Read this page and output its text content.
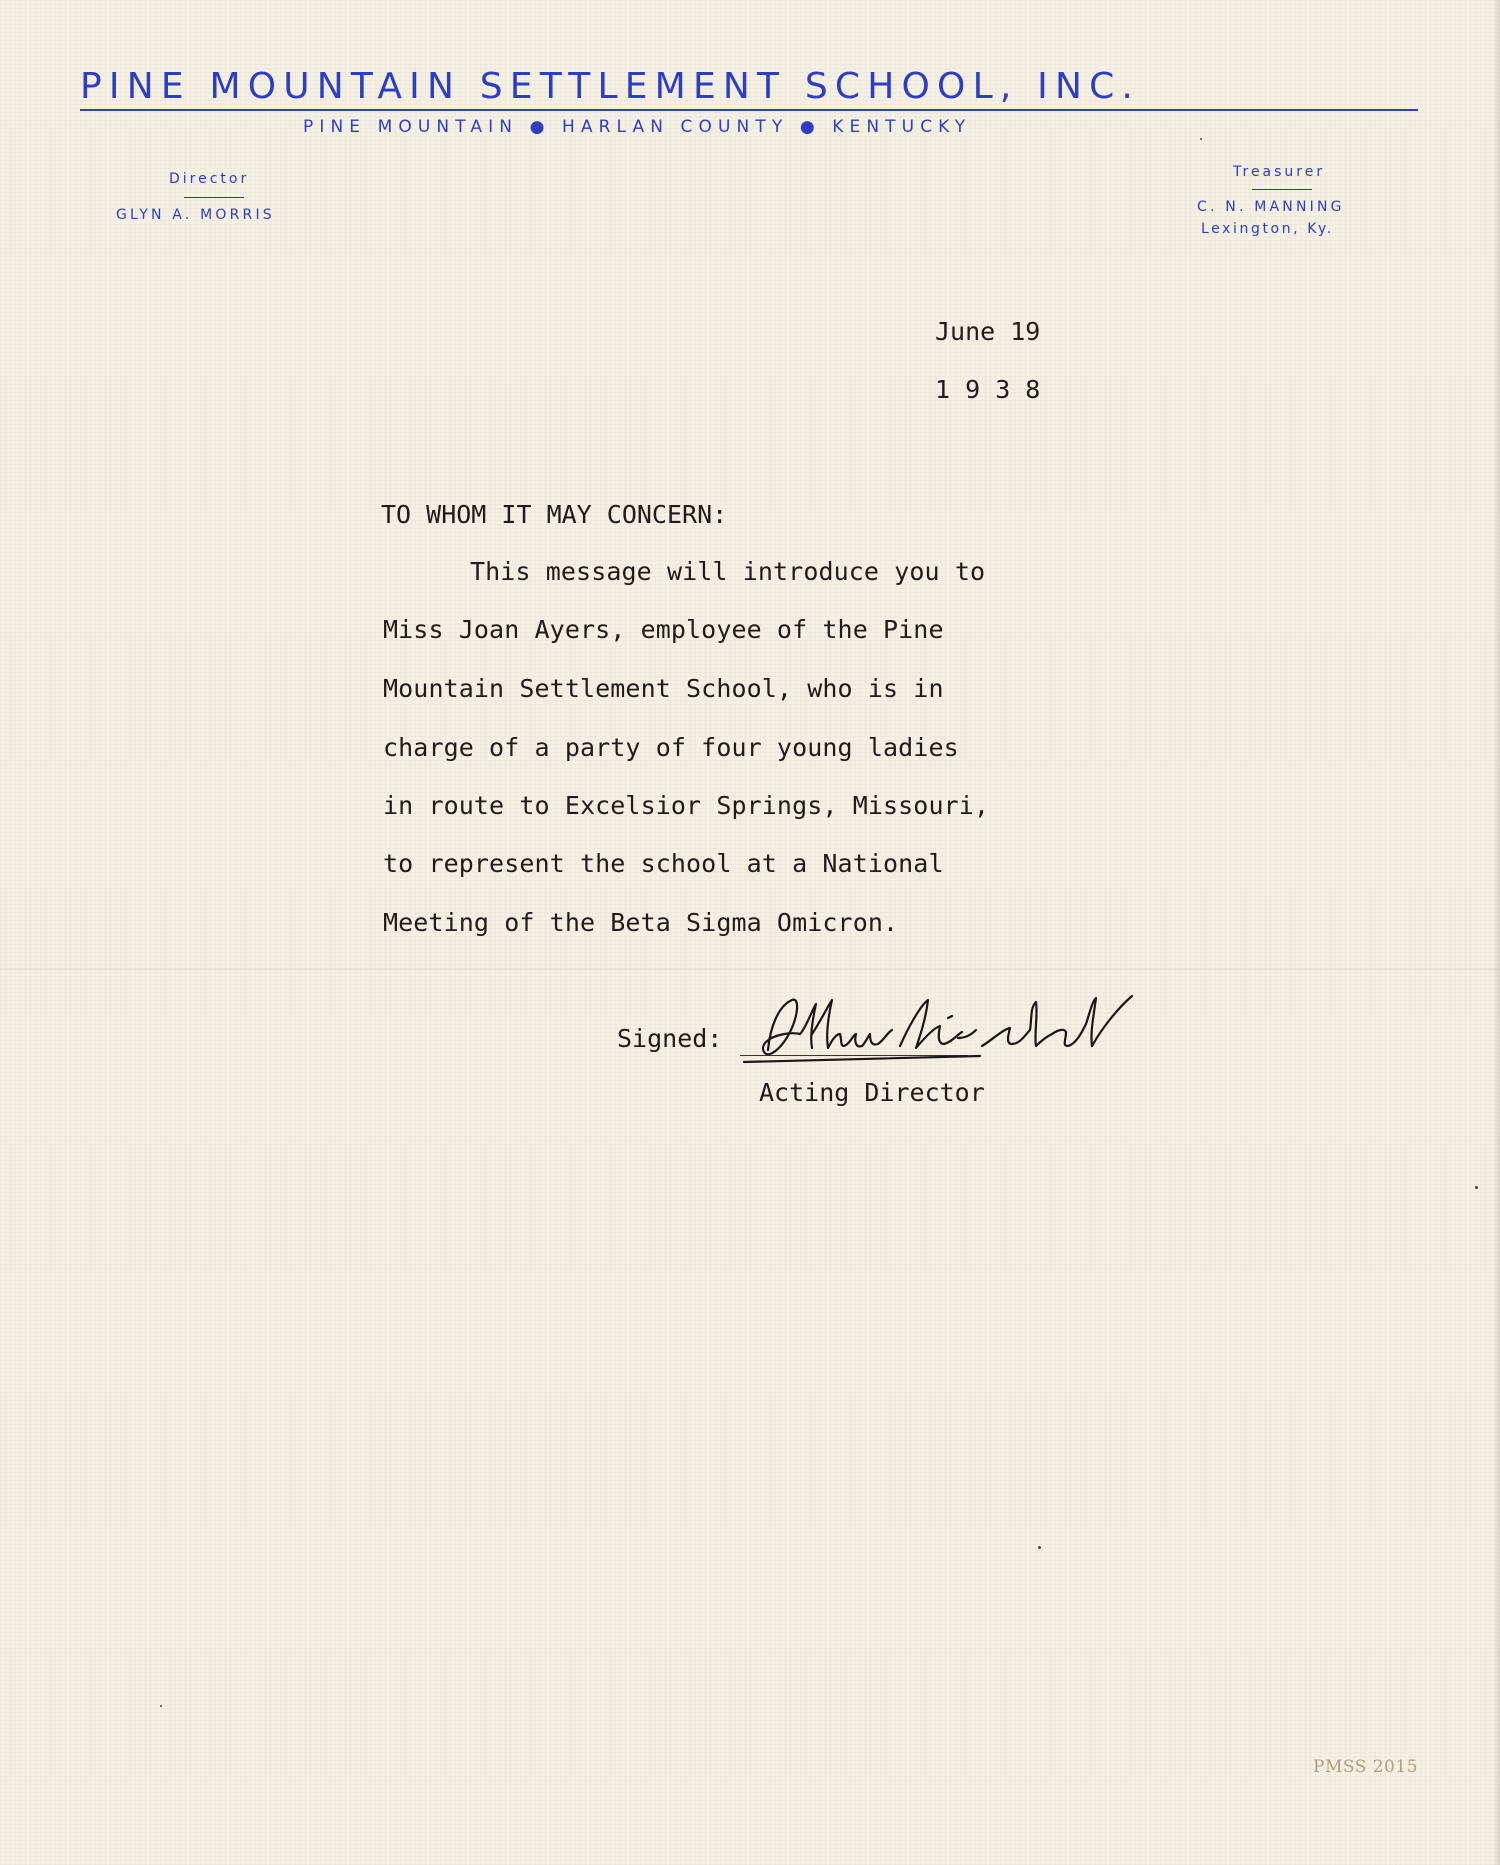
PINE MOUNTAIN SETTLEMENT SCHOOL, INC.
PINE MOUNTAIN ● HARLAN COUNTY ● KENTUCKY
Director
GLYN A. MORRIS
Treasurer
C. N. MANNING
Lexington, Ky.
June 19
1 9 3 8
TO WHOM IT MAY CONCERN:
This message will introduce you to
Miss Joan Ayers, employee of the Pine
Mountain Settlement School, who is in
charge of a party of four young ladies
in route to Excelsior Springs, Missouri,
to represent the school at a National
Meeting of the Beta Sigma Omicron.
Signed:
Acting Director
PMSS 2015
